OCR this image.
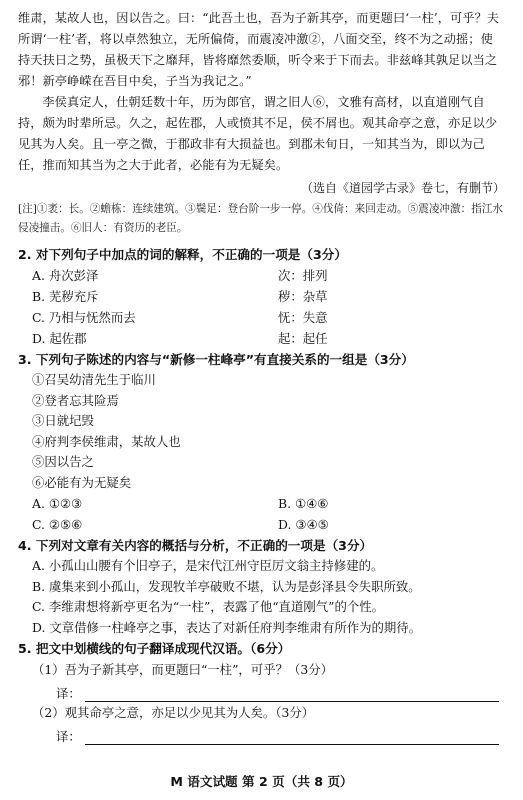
维肃，某故人也，因以告之。曰：“此吾土也，吾为子新其亭，而更题曰‘一柱’，可乎？夫所谓‘一柱’者，将以卓然独立，无所偏倚，而震凌冲激②，八面交至，终不为之动摇；使持天扶日之势，虽极天下之靡拜，皆将靡然委顺，听令来于下而去。非兹峰其孰足以当之邪！新亭峥嵘在吾目中矣，子当为我记之。”

李侯真定人，仕朝廷数十年，历为郎官，谓之旧人⑥，文雅有高材，以直道刚气自持，颇为时辈所忌。久之，起佐郡，人或愤其不足，侯不屑也。观其命亭之意，亦足以少见其为人矣。且一亭之微，于郡政非有大损益也。到郡未旬日，一知其当为，即以为己任，推而知其当为之大于此者，必能有为无疑矣。

（选自《道园学古录》卷七，有删节）

[注]①袤：长。②蟾栋：连续建筑。③鬓足：登台阶一步一停。④伐倚：来回走动。⑤震凌冲激：指江水侵凌撞击。⑥旧人：有资历的老臣。

2. 对下列句子中加点的词的解释，不正确的一项是（3分）

A. 舟次彭泽	次：排列
B. 芜秽充斥	秽：杂草
C. 乃相与怃然而去	怃：失意
D. 起佐郡	起：起任

3. 下列句子陈述的内容与“新修一柱峰亭”有直接关系的一组是（3分）

①召吴幼清先生于临川
②登者忘其险焉
③日就圮毁
④府判李侯维肃，某故人也
⑤因以告之
⑥必能有为无疑矣
A. ①②③	B. ①④⑥
C. ②⑤⑥	D. ③④⑤

4. 下列对文章有关内容的概括与分析，不正确的一项是（3分）

A. 小孤山山腰有个旧亭子，是宋代江州守臣厉文翁主持修建的。
B. 虞集来到小孤山，发现牧羊亭破败不堪，认为是彭泽县令失职所致。
C. 李维肃想将新亭更名为“一柱”，表露了他“直道刚气”的个性。
D. 文章借修一柱峰亭之事，表达了对新任府判李维肃有所作为的期待。

5. 把文中划横线的句子翻译成现代汉语。（6分）

（1）吾为子新其亭，而更题曰“一柱”，可乎？（3分）
译：
（2）观其命亭之意，亦足以少见其为人矣。（3分）
译：
M 语文试题 第 2 页（共 8 页）
